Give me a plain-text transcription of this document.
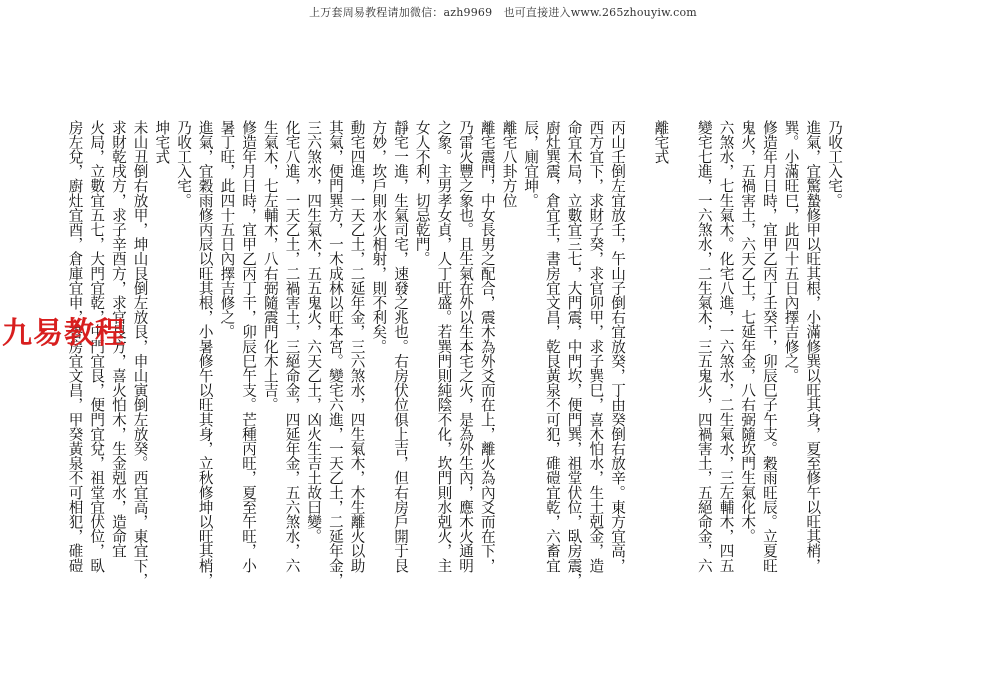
上万套周易教程请加微信：azh9969　也可直接进入www.265zhouyiw.com
乃收工入宅。
進氣，宜驚蟄修甲以旺其根，小滿修巽以旺其身，夏至修午以旺其梢，
巽。小滿旺巳，此四十五日內擇吉修之。
修造年月日時，宜甲乙丙丁壬癸干，卯辰巳子午支。穀雨旺辰。立夏旺
鬼火，五禍害土，六天乙土，七延年金，八右弼隨坎門生氣化木。
六煞水，七生氣木。化宅八進，一六煞水，二生氣水，三左輔木，四五
變宅七進，一六煞水，二生氣木，三五鬼火，四禍害土，五絕命金，六
離宅式
丙山壬倒左宜放壬，午山子倒右宜放癸，丁由癸倒右放辛。東方宜高，
西方宜下，求財子癸，求官卯甲，求子巽巳，喜木怕水，生土剋金，造
命宜木局，立數宜三七，大門震，中門坎，便門巽，祖堂伏位，臥房震，
廚灶巽震，倉宜壬，書房宜文昌，乾艮黃泉不可犯，碓磑宜乾，六畜宜
辰，廁宜坤。
離宅八卦方位
離宅震門，中女長男之配合，震木為外爻而在上，離火為內爻而在下，
乃雷火豐之象也。且生氣在外以生本宅之火，是為外生內，應木火通明
之象。主男孝女貞，人丁旺盛。若巽門則純陰不化，坎門則水剋火，主
女人不利，切忌乾門。
靜宅一進，生氣司宅，速發之兆也。右房伏位俱上吉，但右房戶開于艮
方妙，坎戶則水火相射，則不利矣。
動宅四進，一天乙土，二延年金，三六煞水，四生氣木，木生離火以助
其氣，便門巽方，一木成林以旺本宮。變宅六進，一天乙土，二延年金，
三六煞水，四生氣木，五五鬼火，六天乙土，凶火生吉土故曰變。
化宅八進，一天乙土，二禍害土，三絕命金，四延年金，五六煞水，六
生氣木，七左輔木，八右弼隨震門化木上吉。
修造年月日時，宜甲乙丙丁干，卯辰巳午支。芒種丙旺，夏至午旺，小
暑丁旺，此四十五日內擇吉修之。
進氣，宜穀雨修丙辰以旺其根，小暑修午以旺其身，立秋修坤以旺其梢，
乃收工入宅。
坤宅式
未山丑倒右放甲，坤山艮倒左放艮，申山寅倒左放癸。西宜高，東宜下，
求財乾戌方，求子辛酉方，求官艮方，喜火怕木，生金剋水，造命宜
火局，立數宜五七，大門宜乾，中門宜艮，便門宜兌，祖堂宜伏位，臥
房左兌，廚灶宜酉，倉庫宜申，書房宜文昌，甲癸黃泉不可相犯，碓磑
九易教程
